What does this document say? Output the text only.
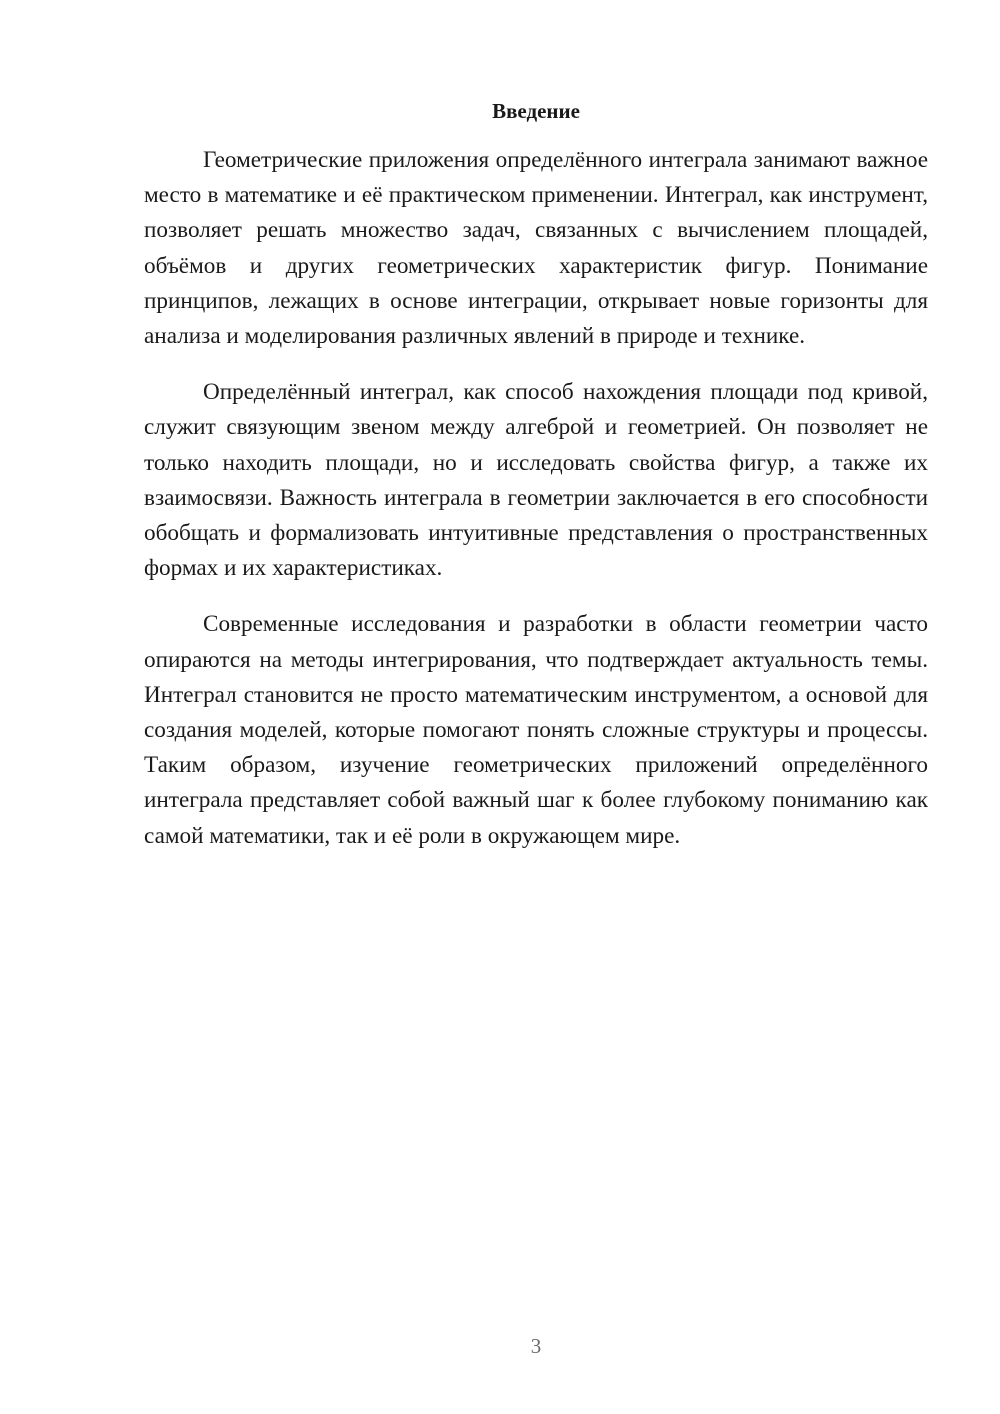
Введение

Геометрические приложения определённого интеграла занимают важное место в математике и её практическом применении. Интеграл, как инструмент, позволяет решать множество задач, связанных с вычислением площадей, объёмов и других геометрических характеристик фигур. Понимание принципов, лежащих в основе интеграции, открывает новые горизонты для анализа и моделирования различных явлений в природе и технике.

Определённый интеграл, как способ нахождения площади под кривой, служит связующим звеном между алгеброй и геометрией. Он позволяет не только находить площади, но и исследовать свойства фигур, а также их взаимосвязи. Важность интеграла в геометрии заключается в его способности обобщать и формализовать интуитивные представления о пространственных формах и их характеристиках.

Современные исследования и разработки в области геометрии часто опираются на методы интегрирования, что подтверждает актуальность темы. Интеграл становится не просто математическим инструментом, а основой для создания моделей, которые помогают понять сложные структуры и процессы. Таким образом, изучение геометрических приложений определённого интеграла представляет собой важный шаг к более глубокому пониманию как самой математики, так и её роли в окружающем мире.

3
